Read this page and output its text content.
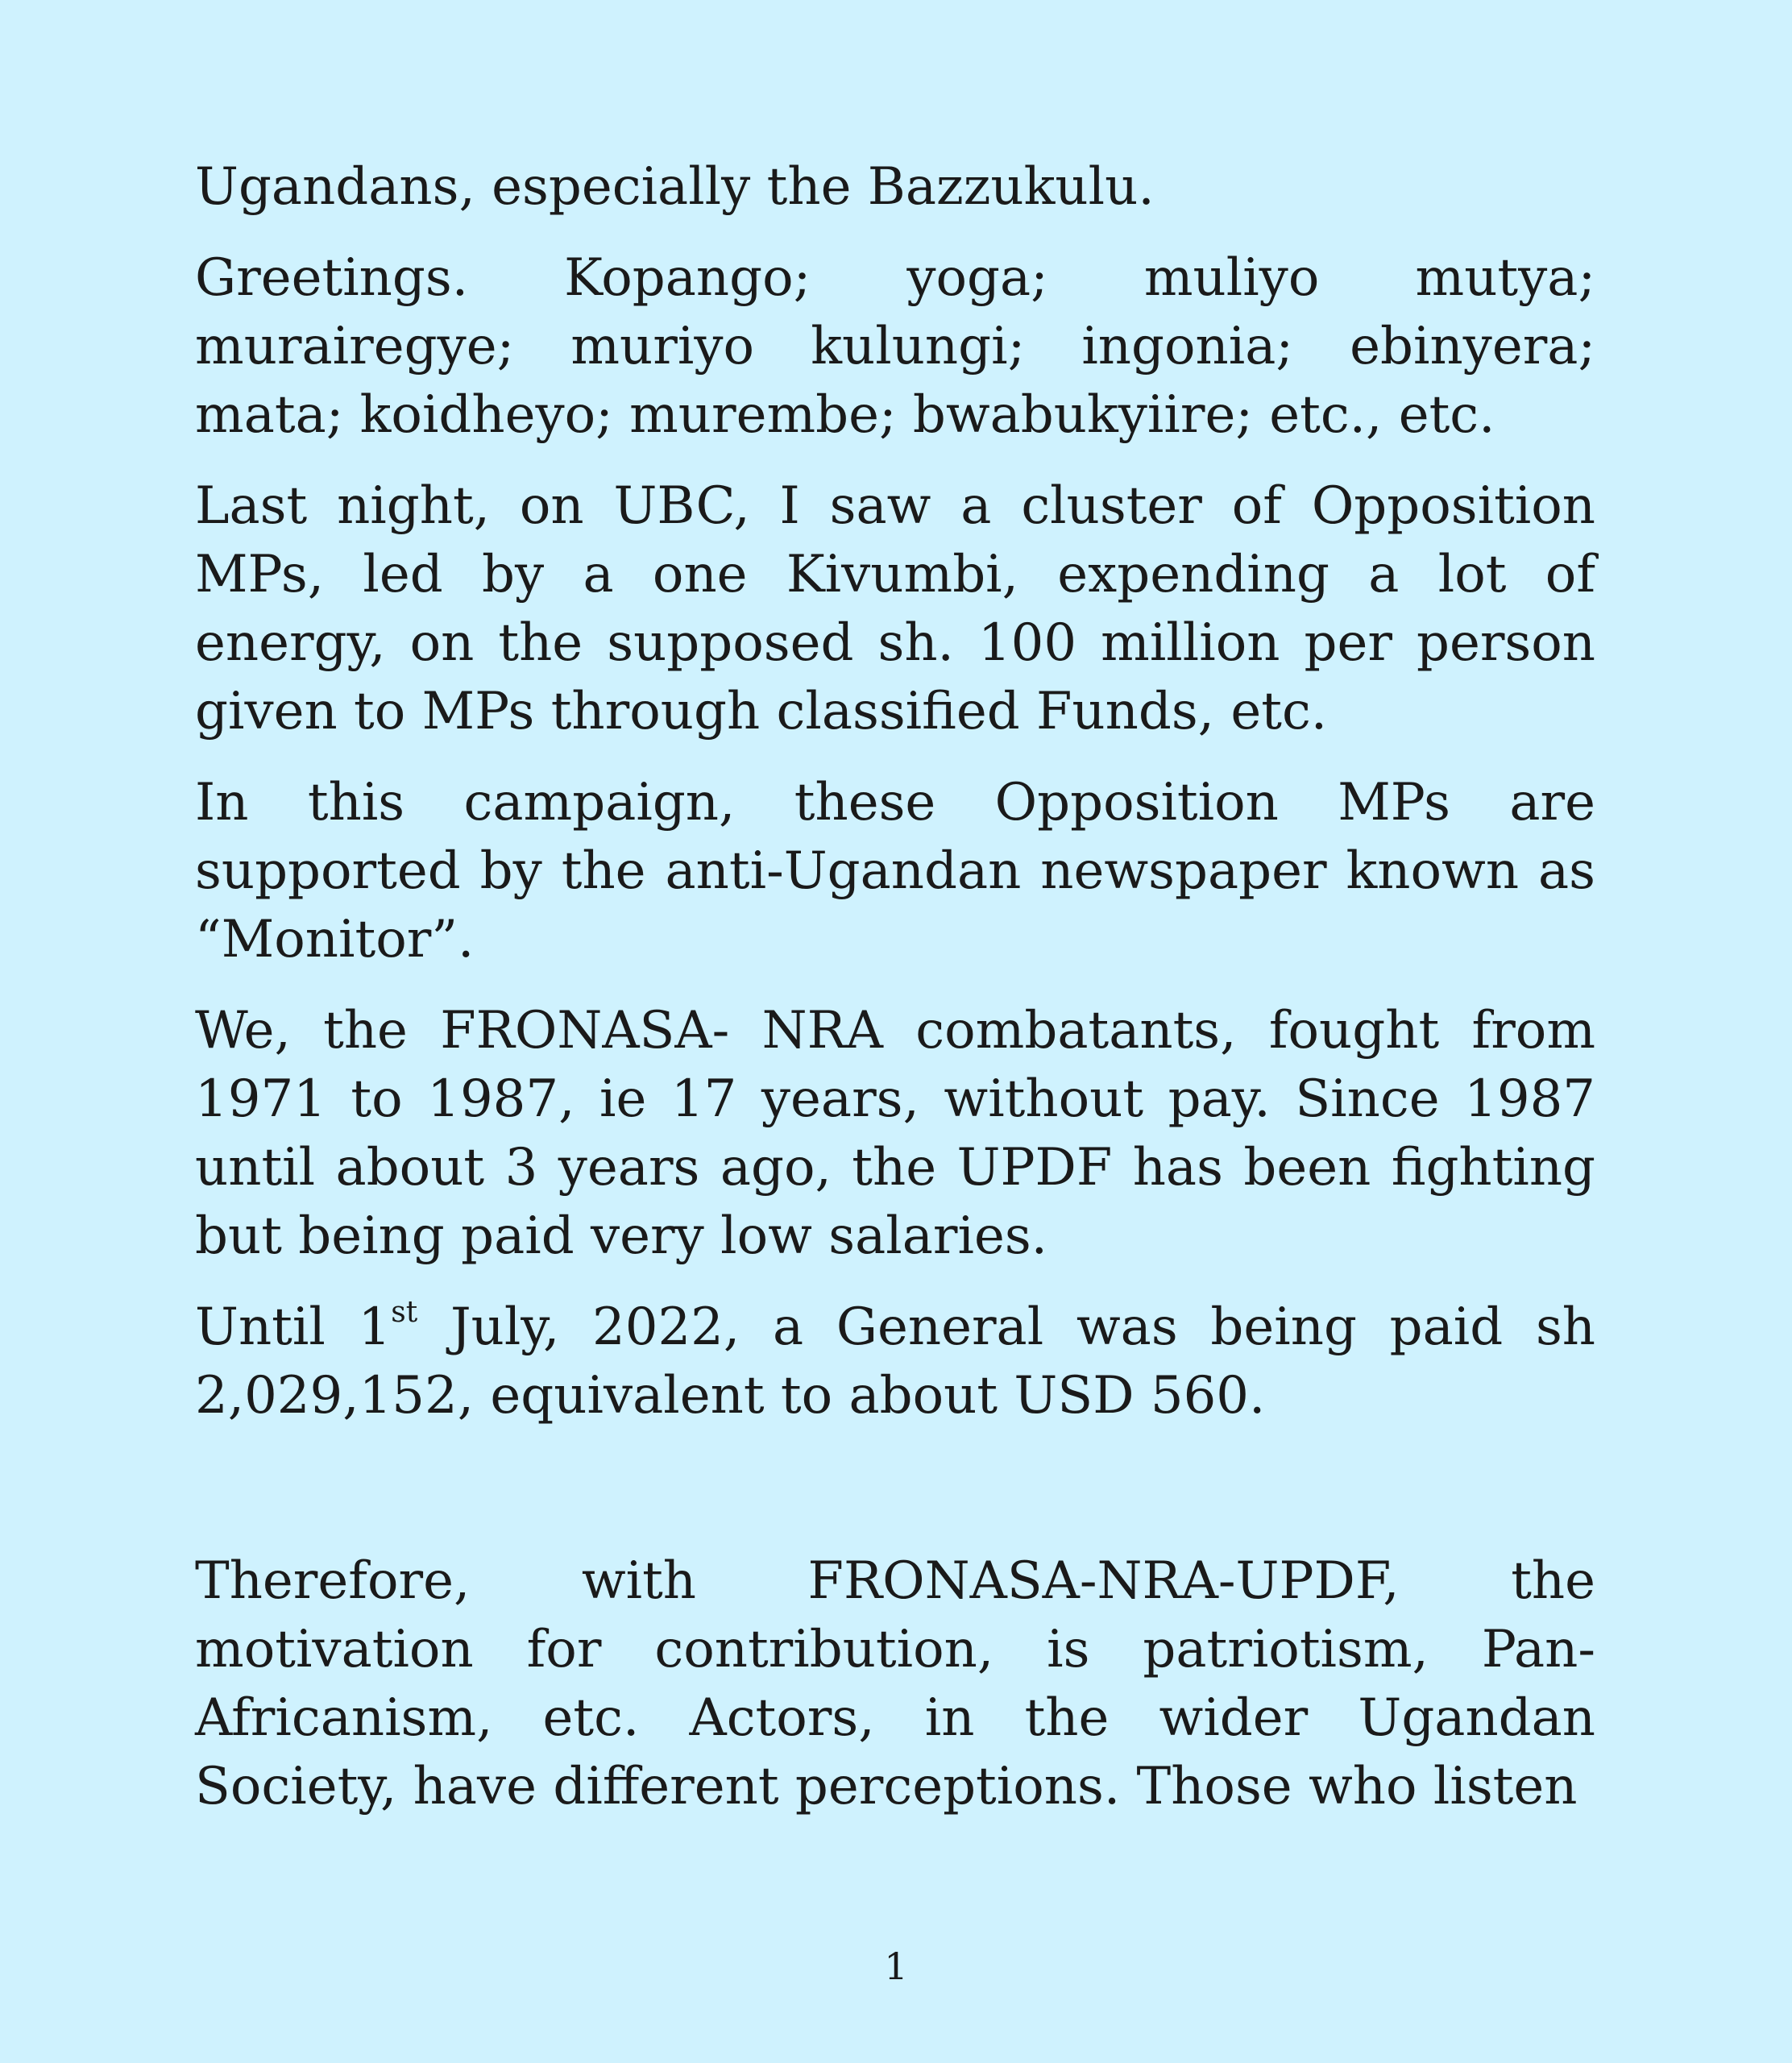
Ugandans, especially the Bazzukulu.

Greetings. Kopango; yoga; muliyo mutya; murairegye; muriyo kulungi; ingonia; ebinyera; mata; koidheyo; murembe; bwabukyiire; etc., etc.

Last night, on UBC, I saw a cluster of Opposition MPs, led by a one Kivumbi, expending a lot of energy, on the supposed sh. 100 million per person given to MPs through classified Funds, etc.

In this campaign, these Opposition MPs are supported by the anti-Ugandan newspaper known as “Monitor”.

We, the FRONASA- NRA combatants, fought from 1971 to 1987, ie 17 years, without pay. Since 1987 until about 3 years ago, the UPDF has been fighting but being paid very low salaries.

Until 1st July, 2022, a General was being paid sh 2,029,152, equivalent to about USD 560.

Therefore, with FRONASA-NRA-UPDF, the motivation for contribution, is patriotism, Pan-Africanism, etc. Actors, in the wider Ugandan Society, have different perceptions. Those who listen

1
